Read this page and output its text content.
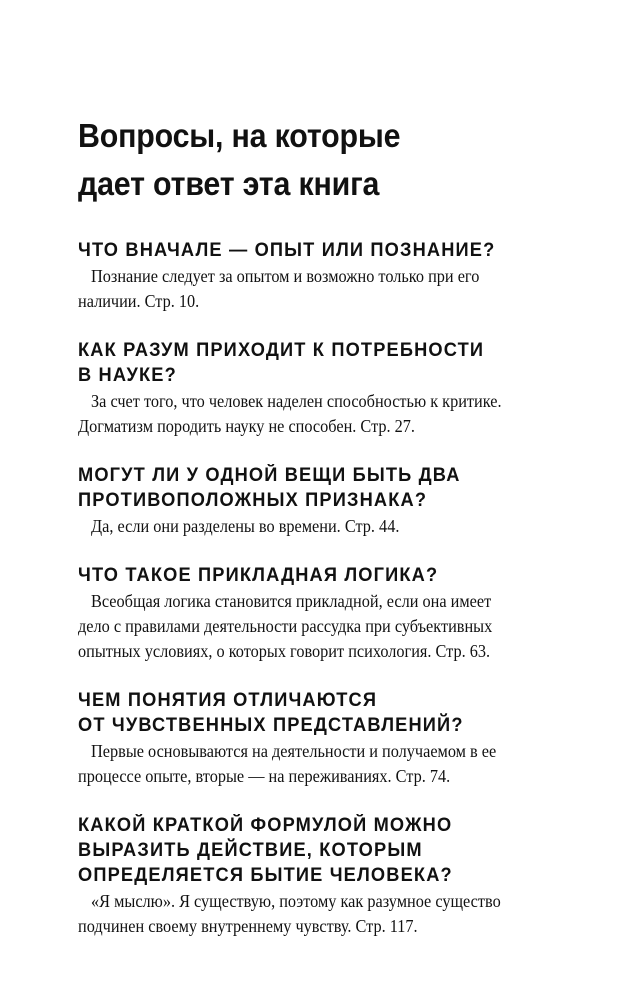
Вопросы, на которые
дает ответ эта книга
ЧТО ВНАЧАЛЕ — ОПЫТ ИЛИ ПОЗНАНИЕ?

Познание следует за опытом и возможно только при его
наличии. Стр. 10.

КАК РАЗУМ ПРИХОДИТ К ПОТРЕБНОСТИ
В НАУКЕ?

За счет того, что человек наделен способностью к критике.
Догматизм породить науку не способен. Стр. 27.

МОГУТ ЛИ У ОДНОЙ ВЕЩИ БЫТЬ ДВА
ПРОТИВОПОЛОЖНЫХ ПРИЗНАКА?

Да, если они разделены во времени. Стр. 44.

ЧТО ТАКОЕ ПРИКЛАДНАЯ ЛОГИКА?

Всеобщая логика становится прикладной, если она имеет
дело с правилами деятельности рассудка при субъективных
опытных условиях, о которых говорит психология. Стр. 63.

ЧЕМ ПОНЯТИЯ ОТЛИЧАЮТСЯ
ОТ ЧУВСТВЕННЫХ ПРЕДСТАВЛЕНИЙ?

Первые основываются на деятельности и получаемом в ее
процессе опыте, вторые — на переживаниях. Стр. 74.

КАКОЙ КРАТКОЙ ФОРМУЛОЙ МОЖНО
ВЫРАЗИТЬ ДЕЙСТВИЕ, КОТОРЫМ
ОПРЕДЕЛЯЕТСЯ БЫТИЕ ЧЕЛОВЕКА?

«Я мыслю». Я существую, поэтому как разумное существо
подчинен своему внутреннему чувству. Стр. 117.
